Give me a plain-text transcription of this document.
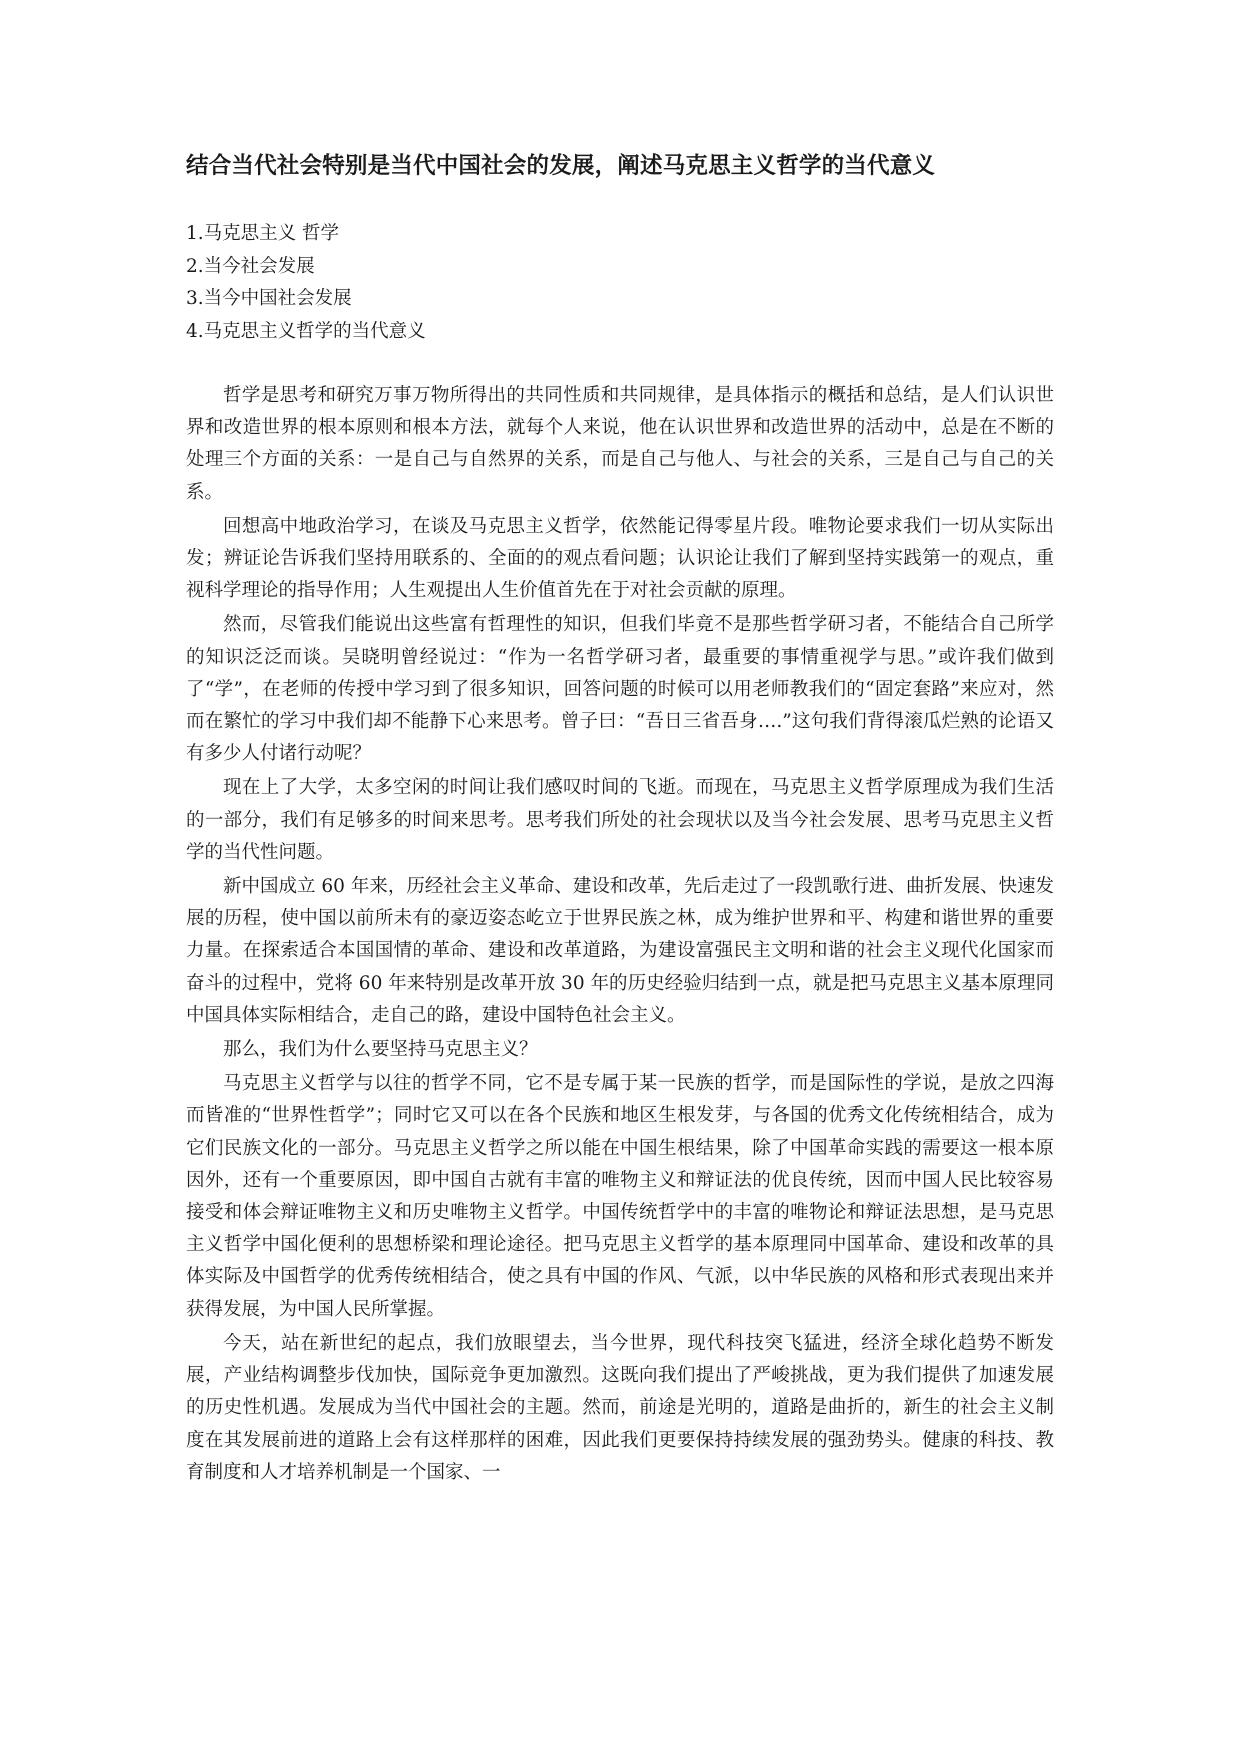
结合当代社会特别是当代中国社会的发展，阐述马克思主义哲学的当代意义
1.马克思主义 哲学
2.当今社会发展
3.当今中国社会发展
4.马克思主义哲学的当代意义

哲学是思考和研究万事万物所得出的共同性质和共同规律，是具体指示的概括和总结，是人们认识世界和改造世界的根本原则和根本方法，就每个人来说，他在认识世界和改造世界的活动中，总是在不断的处理三个方面的关系：一是自己与自然界的关系，而是自己与他人、与社会的关系，三是自己与自己的关系。

回想高中地政治学习，在谈及马克思主义哲学，依然能记得零星片段。唯物论要求我们一切从实际出发；辨证论告诉我们坚持用联系的、全面的的观点看问题；认识论让我们了解到坚持实践第一的观点，重视科学理论的指导作用；人生观提出人生价值首先在于对社会贡献的原理。

然而，尽管我们能说出这些富有哲理性的知识，但我们毕竟不是那些哲学研习者，不能结合自己所学的知识泛泛而谈。吴晓明曾经说过：“作为一名哲学研习者，最重要的事情重视学与思。”或许我们做到了“学”，在老师的传授中学习到了很多知识，回答问题的时候可以用老师教我们的“固定套路”来应对，然而在繁忙的学习中我们却不能静下心来思考。曾子曰：“吾日三省吾身….”这句我们背得滚瓜烂熟的论语又有多少人付诸行动呢？

现在上了大学，太多空闲的时间让我们感叹时间的飞逝。而现在，马克思主义哲学原理成为我们生活的一部分，我们有足够多的时间来思考。思考我们所处的社会现状以及当今社会发展、思考马克思主义哲学的当代性问题。

新中国成立 60 年来，历经社会主义革命、建设和改革，先后走过了一段凯歌行进、曲折发展、快速发展的历程，使中国以前所未有的豪迈姿态屹立于世界民族之林，成为维护世界和平、构建和谐世界的重要力量。在探索适合本国国情的革命、建设和改革道路，为建设富强民主文明和谐的社会主义现代化国家而奋斗的过程中，党将 60 年来特别是改革开放 30 年的历史经验归结到一点，就是把马克思主义基本原理同中国具体实际相结合，走自己的路，建设中国特色社会主义。

那么，我们为什么要坚持马克思主义？

马克思主义哲学与以往的哲学不同，它不是专属于某一民族的哲学，而是国际性的学说，是放之四海而皆准的“世界性哲学”；同时它又可以在各个民族和地区生根发芽，与各国的优秀文化传统相结合，成为它们民族文化的一部分。马克思主义哲学之所以能在中国生根结果，除了中国革命实践的需要这一根本原因外，还有一个重要原因，即中国自古就有丰富的唯物主义和辩证法的优良传统，因而中国人民比较容易接受和体会辩证唯物主义和历史唯物主义哲学。中国传统哲学中的丰富的唯物论和辩证法思想，是马克思主义哲学中国化便利的思想桥梁和理论途径。把马克思主义哲学的基本原理同中国革命、建设和改革的具体实际及中国哲学的优秀传统相结合，使之具有中国的作风、气派，以中华民族的风格和形式表现出来并获得发展，为中国人民所掌握。

今天，站在新世纪的起点，我们放眼望去，当今世界，现代科技突飞猛进，经济全球化趋势不断发展，产业结构调整步伐加快，国际竞争更加激烈。这既向我们提出了严峻挑战，更为我们提供了加速发展的历史性机遇。发展成为当代中国社会的主题。然而，前途是光明的，道路是曲折的，新生的社会主义制度在其发展前进的道路上会有这样那样的困难，因此我们更要保持持续发展的强劲势头。健康的科技、教育制度和人才培养机制是一个国家、一
